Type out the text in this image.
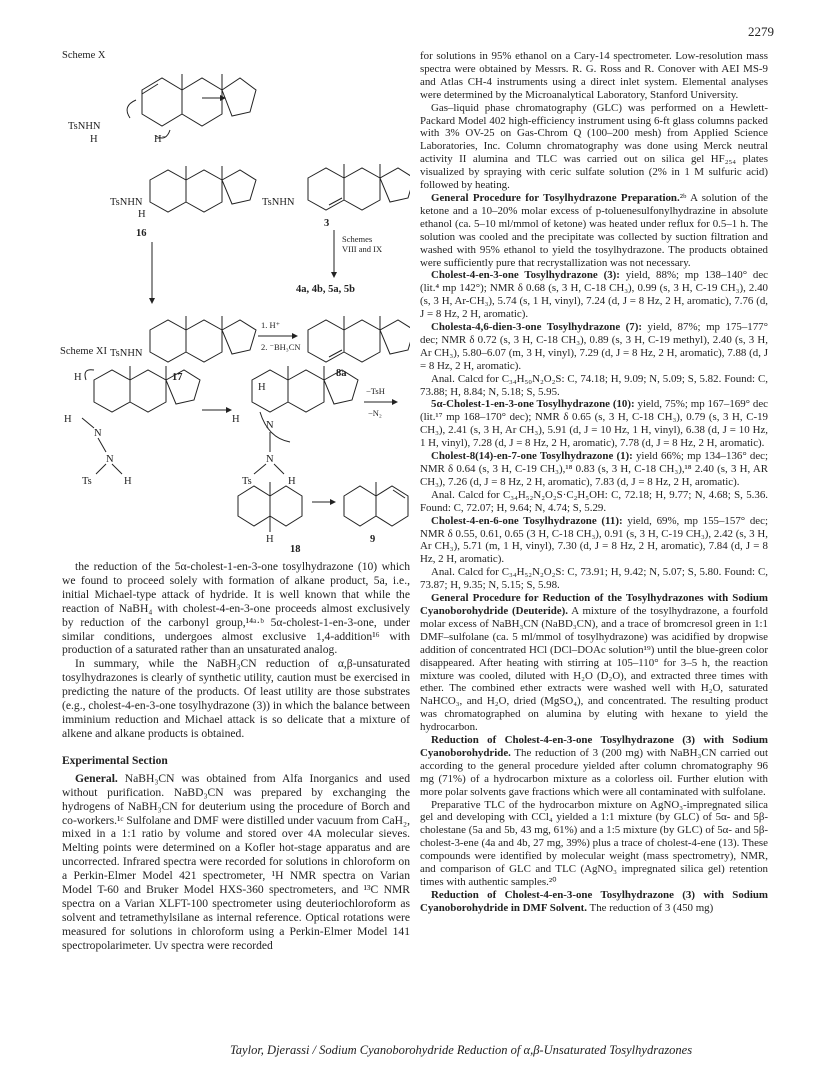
2279
Scheme X
Scheme XI
TsNHN
H	H⁻
TsNHN
H
16
TsNHN
3
Schemes
VIII and IX
4a, 4b, 5a, 5b
TsNHN
17
1. H⁺
2. ⁻BH₃CN
8a
H
H
N
N
Ts	H
H
H
N
N
Ts	H
−TsH
−N₂
H
18
9

the reduction of the 5α-cholest-1-en-3-one tosylhydrazone (10) which we found to proceed solely with formation of alkane product, 5a, i.e., initial Michael-type attack of hydride. It is well known that while the reaction of NaBH₄ with cholest-4-en-3-one proceeds almost exclusively by reduction of the carbonyl group,¹⁴ᵃ·ᵇ 5α-cholest-1-en-3-one, under similar conditions, undergoes almost exclusive 1,4-addition¹⁶ with production of a saturated rather than an unsaturated analog.

In summary, while the NaBH₃CN reduction of α,β-unsaturated tosylhydrazones is clearly of synthetic utility, caution must be exercised in predicting the nature of the products. Of least utility are those substrates (e.g., cholest-4-en-3-one tosylhydrazone (3)) in which the balance between imminium reduction and Michael attack is so delicate that a mixture of alkene and alkane products is obtained.

Experimental Section

General. NaBH₃CN was obtained from Alfa Inorganics and used without purification. NaBD₃CN was prepared by exchanging the hydrogens of NaBH₃CN for deuterium using the procedure of Borch and co-workers.¹ᶜ Sulfolane and DMF were distilled under vacuum from CaH₂, mixed in a 1:1 ratio by volume and stored over 4A molecular sieves. Melting points were determined on a Kofler hot-stage apparatus and are uncorrected. Infrared spectra were recorded for solutions in chloroform on a Perkin-Elmer Model 421 spectrometer, ¹H NMR spectra on Varian Model T-60 and Bruker Model HXS-360 spectrometers, and ¹³C NMR spectra on a Varian XLFT-100 spectrometer using deuteriochloroform as solvent and tetramethylsilane as internal reference. Optical rotations were measured for solutions in chloroform using a Perkin-Elmer Model 141 spectropolarimeter. Uv spectra were recorded

for solutions in 95% ethanol on a Cary-14 spectrometer. Low-resolution mass spectra were obtained by Messrs. R. G. Ross and R. Conover with AEI MS-9 and Atlas CH-4 instruments using a direct inlet system. Elemental analyses were determined by the Microanalytical Laboratory, Stanford University.

Gas–liquid phase chromatography (GLC) was performed on a Hewlett-Packard Model 402 high-efficiency instrument using 6-ft glass columns packed with 3% OV-25 on Gas-Chrom Q (100–200 mesh) from Applied Science Laboratories, Inc. Column chromatography was done using Merck neutral activity II alumina and TLC was carried out on silica gel HF₂₅₄ plates visualized by spraying with ceric sulfate solution (2% in 1 M sulfuric acid) followed by heating.

General Procedure for Tosylhydrazone Preparation.²ᵇ A solution of the ketone and a 10–20% molar excess of p-toluenesulfonylhydrazine in absolute ethanol (ca. 5–10 ml/mmol of ketone) was heated under reflux for 0.5–1 h. The solution was cooled and the precipitate was collected by suction filtration and washed with 95% ethanol to yield the tosylhydrazone. The products obtained were sufficiently pure that recrystallization was not necessary.

Cholest-4-en-3-one Tosylhydrazone (3): yield, 88%; mp 138–140° dec (lit.⁴ mp 142°); NMR δ 0.68 (s, 3 H, C-18 CH₃), 0.99 (s, 3 H, C-19 CH₃), 2.40 (s, 3 H, Ar-CH₃), 5.74 (s, 1 H, vinyl), 7.24 (d, J = 8 Hz, 2 H, aromatic), 7.76 (d, J = 8 Hz, 2 H, aromatic).

Cholesta-4,6-dien-3-one Tosylhydrazone (7): yield, 87%; mp 175–177° dec; NMR δ 0.72 (s, 3 H, C-18 CH₃), 0.89 (s, 3 H, C-19 methyl), 2.40 (s, 3 H, Ar CH₃), 5.80–6.07 (m, 3 H, vinyl), 7.29 (d, J = 8 Hz, 2 H, aromatic), 7.88 (d, J = 8 Hz, 2 H, aromatic).

Anal. Calcd for C₃₄H₅₀N₂O₂S: C, 74.18; H, 9.09; N, 5.09; S, 5.82. Found: C, 73.88; H, 8.84; N, 5.18; S, 5.95.

5α-Cholest-1-en-3-one Tosylhydrazone (10): yield, 75%; mp 167–169° dec (lit.¹⁷ mp 168–170° dec); NMR δ 0.65 (s, 3 H, C-18 CH₃), 0.79 (s, 3 H, C-19 CH₃), 2.41 (s, 3 H, Ar CH₃), 5.91 (d, J = 10 Hz, 1 H, vinyl), 6.38 (d, J = 10 Hz, 1 H, vinyl), 7.28 (d, J = 8 Hz, 2 H, aromatic), 7.78 (d, J = 8 Hz, 2 H, aromatic).

Cholest-8(14)-en-7-one Tosylhydrazone (1): yield 66%; mp 134–136° dec; NMR δ 0.64 (s, 3 H, C-19 CH₃),¹⁸ 0.83 (s, 3 H, C-18 CH₃),¹⁸ 2.40 (s, 3 H, AR CH₃), 7.26 (d, J = 8 Hz, 2 H, aromatic), 7.83 (d, J = 8 Hz, 2 H, aromatic).

Anal. Calcd for C₃₄H₅₂N₂O₂S·C₂H₅OH: C, 72.18; H, 9.77; N, 4.68; S, 5.36. Found: C, 72.07; H, 9.64; N, 4.74; S, 5.29.

Cholest-4-en-6-one Tosylhydrazone (11): yield, 69%, mp 155–157° dec; NMR δ 0.55, 0.61, 0.65 (3 H, C-18 CH₃), 0.91 (s, 3 H, C-19 CH₃), 2.42 (s, 3 H, Ar CH₃), 5.71 (m, 1 H, vinyl), 7.30 (d, J = 8 Hz, 2 H, aromatic), 7.84 (d, J = 8 Hz, 2 H, aromatic).

Anal. Calcd for C₃₄H₅₂N₂O₂S: C, 73.91; H, 9.42; N, 5.07; S, 5.80. Found: C, 73.87; H, 9.35; N, 5.15; S, 5.98.

General Procedure for Reduction of the Tosylhydrazones with Sodium Cyanoborohydride (Deuteride). A mixture of the tosylhydrazone, a fourfold molar excess of NaBH₃CN (NaBD₃CN), and a trace of bromcresol green in 1:1 DMF–sulfolane (ca. 5 ml/mmol of tosylhydrazone) was acidified by dropwise addition of concentrated HCl (DCl–DOAc solution¹⁹) until the blue-green color disappeared. After heating with stirring at 105–110° for 3–5 h, the reaction mixture was cooled, diluted with H₂O (D₂O), and extracted three times with ether. The combined ether extracts were washed well with H₂O, saturated NaHCO₃, and H₂O, dried (MgSO₄), and concentrated. The resulting product was chromatographed on alumina by eluting with hexane to yield the hydrocarbon.

Reduction of Cholest-4-en-3-one Tosylhydrazone (3) with Sodium Cyanoborohydride. The reduction of 3 (200 mg) with NaBH₃CN carried out according to the general procedure yielded after column chromatography 96 mg (71%) of a hydrocarbon mixture as a colorless oil. Further elution with more polar solvents gave fractions which were all contaminated with sulfolane.

Preparative TLC of the hydrocarbon mixture on AgNO₃-impregnated silica gel and developing with CCl₄ yielded a 1:1 mixture (by GLC) of 5α- and 5β-cholestane (5a and 5b, 43 mg, 61%) and a 1:5 mixture (by GLC) of 5α- and 5β-cholest-3-ene (4a and 4b, 27 mg, 39%) plus a trace of cholest-4-ene (13). These compounds were identified by molecular weight (mass spectrometry), NMR, and comparison of GLC and TLC (AgNO₃ impregnated silica gel) retention times with authentic samples.²⁰

Reduction of Cholest-4-en-3-one Tosylhydrazone (3) with Sodium Cyanoborohydride in DMF Solvent. The reduction of 3 (450 mg)

Taylor, Djerassi / Sodium Cyanoborohydride Reduction of α,β-Unsaturated Tosylhydrazones
